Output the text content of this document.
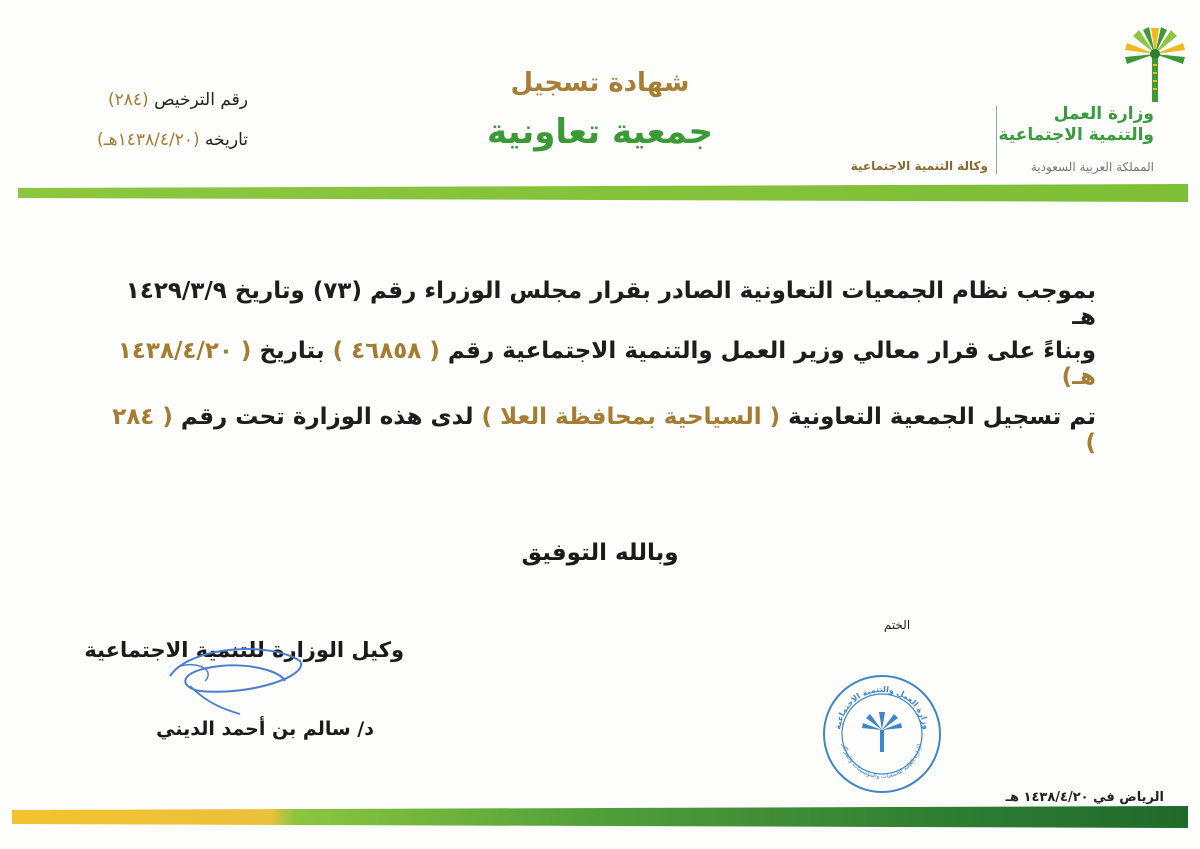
وزارة العمل
والتنمية الاجتماعية
المملكة العربية السعودية
وكالة التنمية الاجتماعية
شهادة تسجيل
جمعية تعاونية
رقم الترخيص (٢٨٤)
تاريخه (١٤٣٨/٤/٢٠هـ)
بموجب نظام الجمعيات التعاونية الصادر بقرار مجلس الوزراء رقم (٧٣) وتاريخ ١٤٢٩/٣/٩ هـ
وبناءً على قرار معالي وزير العمل والتنمية الاجتماعية رقم ( ٤٦٨٥٨ ) بتاريخ ( ١٤٣٨/٤/٢٠ هـ)
تم تسجيل الجمعية التعاونية ( السياحية بمحافظة العلا ) لدى هذه الوزارة تحت رقم ( ٢٨٤ )
وبالله التوفيق
وكيل الوزارة للتنمية الاجتماعية
د/ سالم بن أحمد الديني
الختم
وزارة العمل والتنمية الاجتماعية
الإدارة العامة للجمعيات والمؤسسات والمراكز
الرياض في ١٤٣٨/٤/٢٠ هـ
